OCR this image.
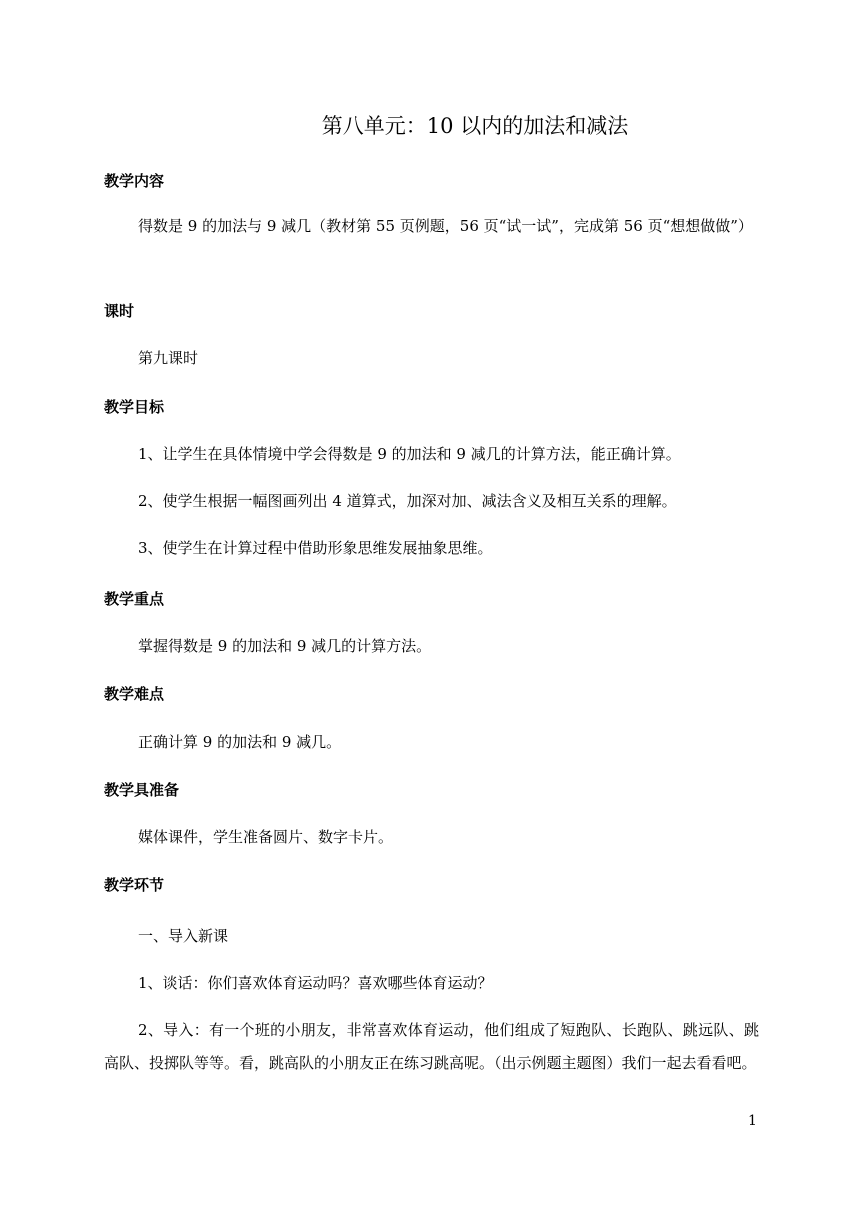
第八单元：10 以内的加法和减法
教学内容
得数是 9 的加法与 9 减几（教材第 55 页例题，56 页“试一试”，完成第 56 页“想想做做”）
课时
第九课时
教学目标
1、让学生在具体情境中学会得数是 9 的加法和 9 减几的计算方法，能正确计算。
2、使学生根据一幅图画列出 4 道算式，加深对加、减法含义及相互关系的理解。
3、使学生在计算过程中借助形象思维发展抽象思维。
教学重点
掌握得数是 9 的加法和 9 减几的计算方法。
教学难点
正确计算 9 的加法和 9 减几。
教学具准备
媒体课件，学生准备圆片、数字卡片。
教学环节
一、导入新课
1、谈话：你们喜欢体育运动吗？喜欢哪些体育运动？
2、导入：有一个班的小朋友，非常喜欢体育运动，他们组成了短跑队、长跑队、跳远队、跳高队、投掷队等等。看，跳高队的小朋友正在练习跳高呢。（出示例题主题图）我们一起去看看吧。
1
